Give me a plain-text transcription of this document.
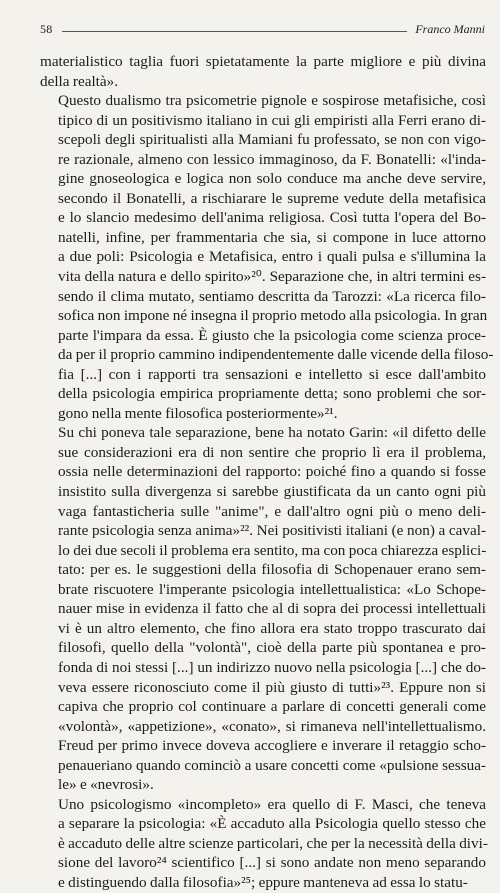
58	Franco Manni

materialistico taglia fuori spietatamente la parte migliore e più divina
della realtà».

Questo dualismo tra psicometrie pignole e sospirose metafisiche, così
tipico di un positivismo italiano in cui gli empiristi alla Ferri erano di-
scepoli degli spiritualisti alla Mamiani fu professato, se non con vigo-
re razionale, almeno con lessico immaginoso, da F. Bonatelli: «l'inda-
gine gnoseologica e logica non solo conduce ma anche deve servire,
secondo il Bonatelli, a rischiarare le supreme vedute della metafisica
e lo slancio medesimo dell'anima religiosa. Così tutta l'opera del Bo-
natelli, infine, per frammentaria che sia, si compone in luce attorno
a due poli: Psicologia e Metafisica, entro i quali pulsa e s'illumina la
vita della natura e dello spirito»²⁰. Separazione che, in altri termini es-
sendo il clima mutato, sentiamo descritta da Tarozzi: «La ricerca filo-
sofica non impone né insegna il proprio metodo alla psicologia. In gran
parte l'impara da essa. È giusto che la psicologia come scienza proce-
da per il proprio cammino indipendentemente dalle vicende della filoso-
fia [...] con i rapporti tra sensazioni e intelletto si esce dall'ambito
della psicologia empirica propriamente detta; sono problemi che sor-
gono nella mente filosofica posteriormente»²¹.

Su chi poneva tale separazione, bene ha notato Garin: «il difetto delle
sue considerazioni era di non sentire che proprio lì era il problema,
ossia nelle determinazioni del rapporto: poiché fino a quando si fosse
insistito sulla divergenza si sarebbe giustificata da un canto ogni più
vaga fantasticheria sulle "anime", e dall'altro ogni più o meno deli-
rante psicologia senza anima»²². Nei positivisti italiani (e non) a caval-
lo dei due secoli il problema era sentito, ma con poca chiarezza esplici-
tato: per es. le suggestioni della filosofia di Schopenauer erano sem-
brate riscuotere l'imperante psicologia intellettualistica: «Lo Schope-
nauer mise in evidenza il fatto che al di sopra dei processi intellettuali
vi è un altro elemento, che fino allora era stato troppo trascurato dai
filosofi, quello della "volontà", cioè della parte più spontanea e pro-
fonda di noi stessi [...] un indirizzo nuovo nella psicologia [...] che do-
veva essere riconosciuto come il più giusto di tutti»²³. Eppure non si
capiva che proprio col continuare a parlare di concetti generali come
«volontà», «appetizione», «conato», si rimaneva nell'intellettualismo.
Freud per primo invece doveva accogliere e inverare il retaggio scho-
penaueriano quando cominciò a usare concetti come «pulsione sessua-
le» e «nevrosi».

Uno psicologismo «incompleto» era quello di F. Masci, che teneva
a separare la psicologia: «È accaduto alla Psicologia quello stesso che
è accaduto delle altre scienze particolari, che per la necessità della divi-
sione del lavoro²⁴ scientifico [...] si sono andate non meno separando
e distinguendo dalla filosofia»²⁵; eppure manteneva ad essa lo statu-
